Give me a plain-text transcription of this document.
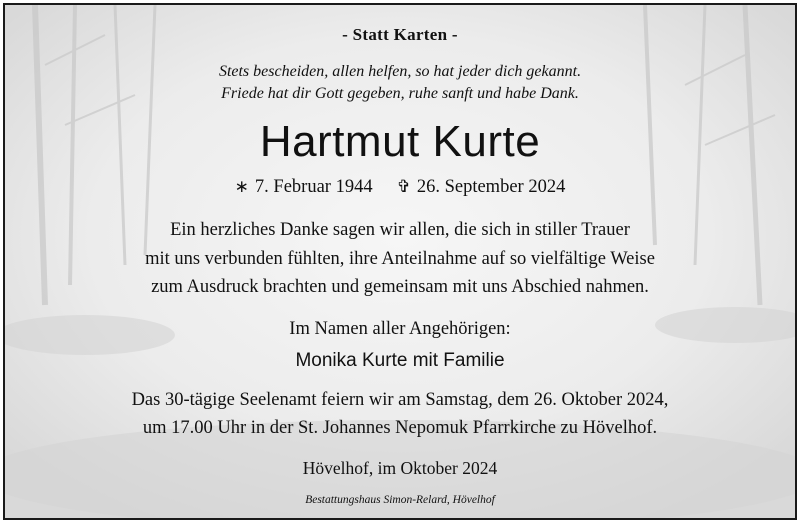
- Statt Karten -
Stets bescheiden, allen helfen, so hat jeder dich gekannt.
Friede hat dir Gott gegeben, ruhe sanft und habe Dank.
Hartmut Kurte
∗ 7. Februar 1944 ✞ 26. September 2024
Ein herzliches Danke sagen wir allen, die sich in stiller Trauer
mit uns verbunden fühlten, ihre Anteilnahme auf so vielfältige Weise
zum Ausdruck brachten und gemeinsam mit uns Abschied nahmen.
Im Namen aller Angehörigen:
Monika Kurte mit Familie
Das 30-tägige Seelenamt feiern wir am Samstag, dem 26. Oktober 2024,
um 17.00 Uhr in der St. Johannes Nepomuk Pfarrkirche zu Hövelhof.
Hövelhof, im Oktober 2024
Bestattungshaus Simon-Relard, Hövelhof
